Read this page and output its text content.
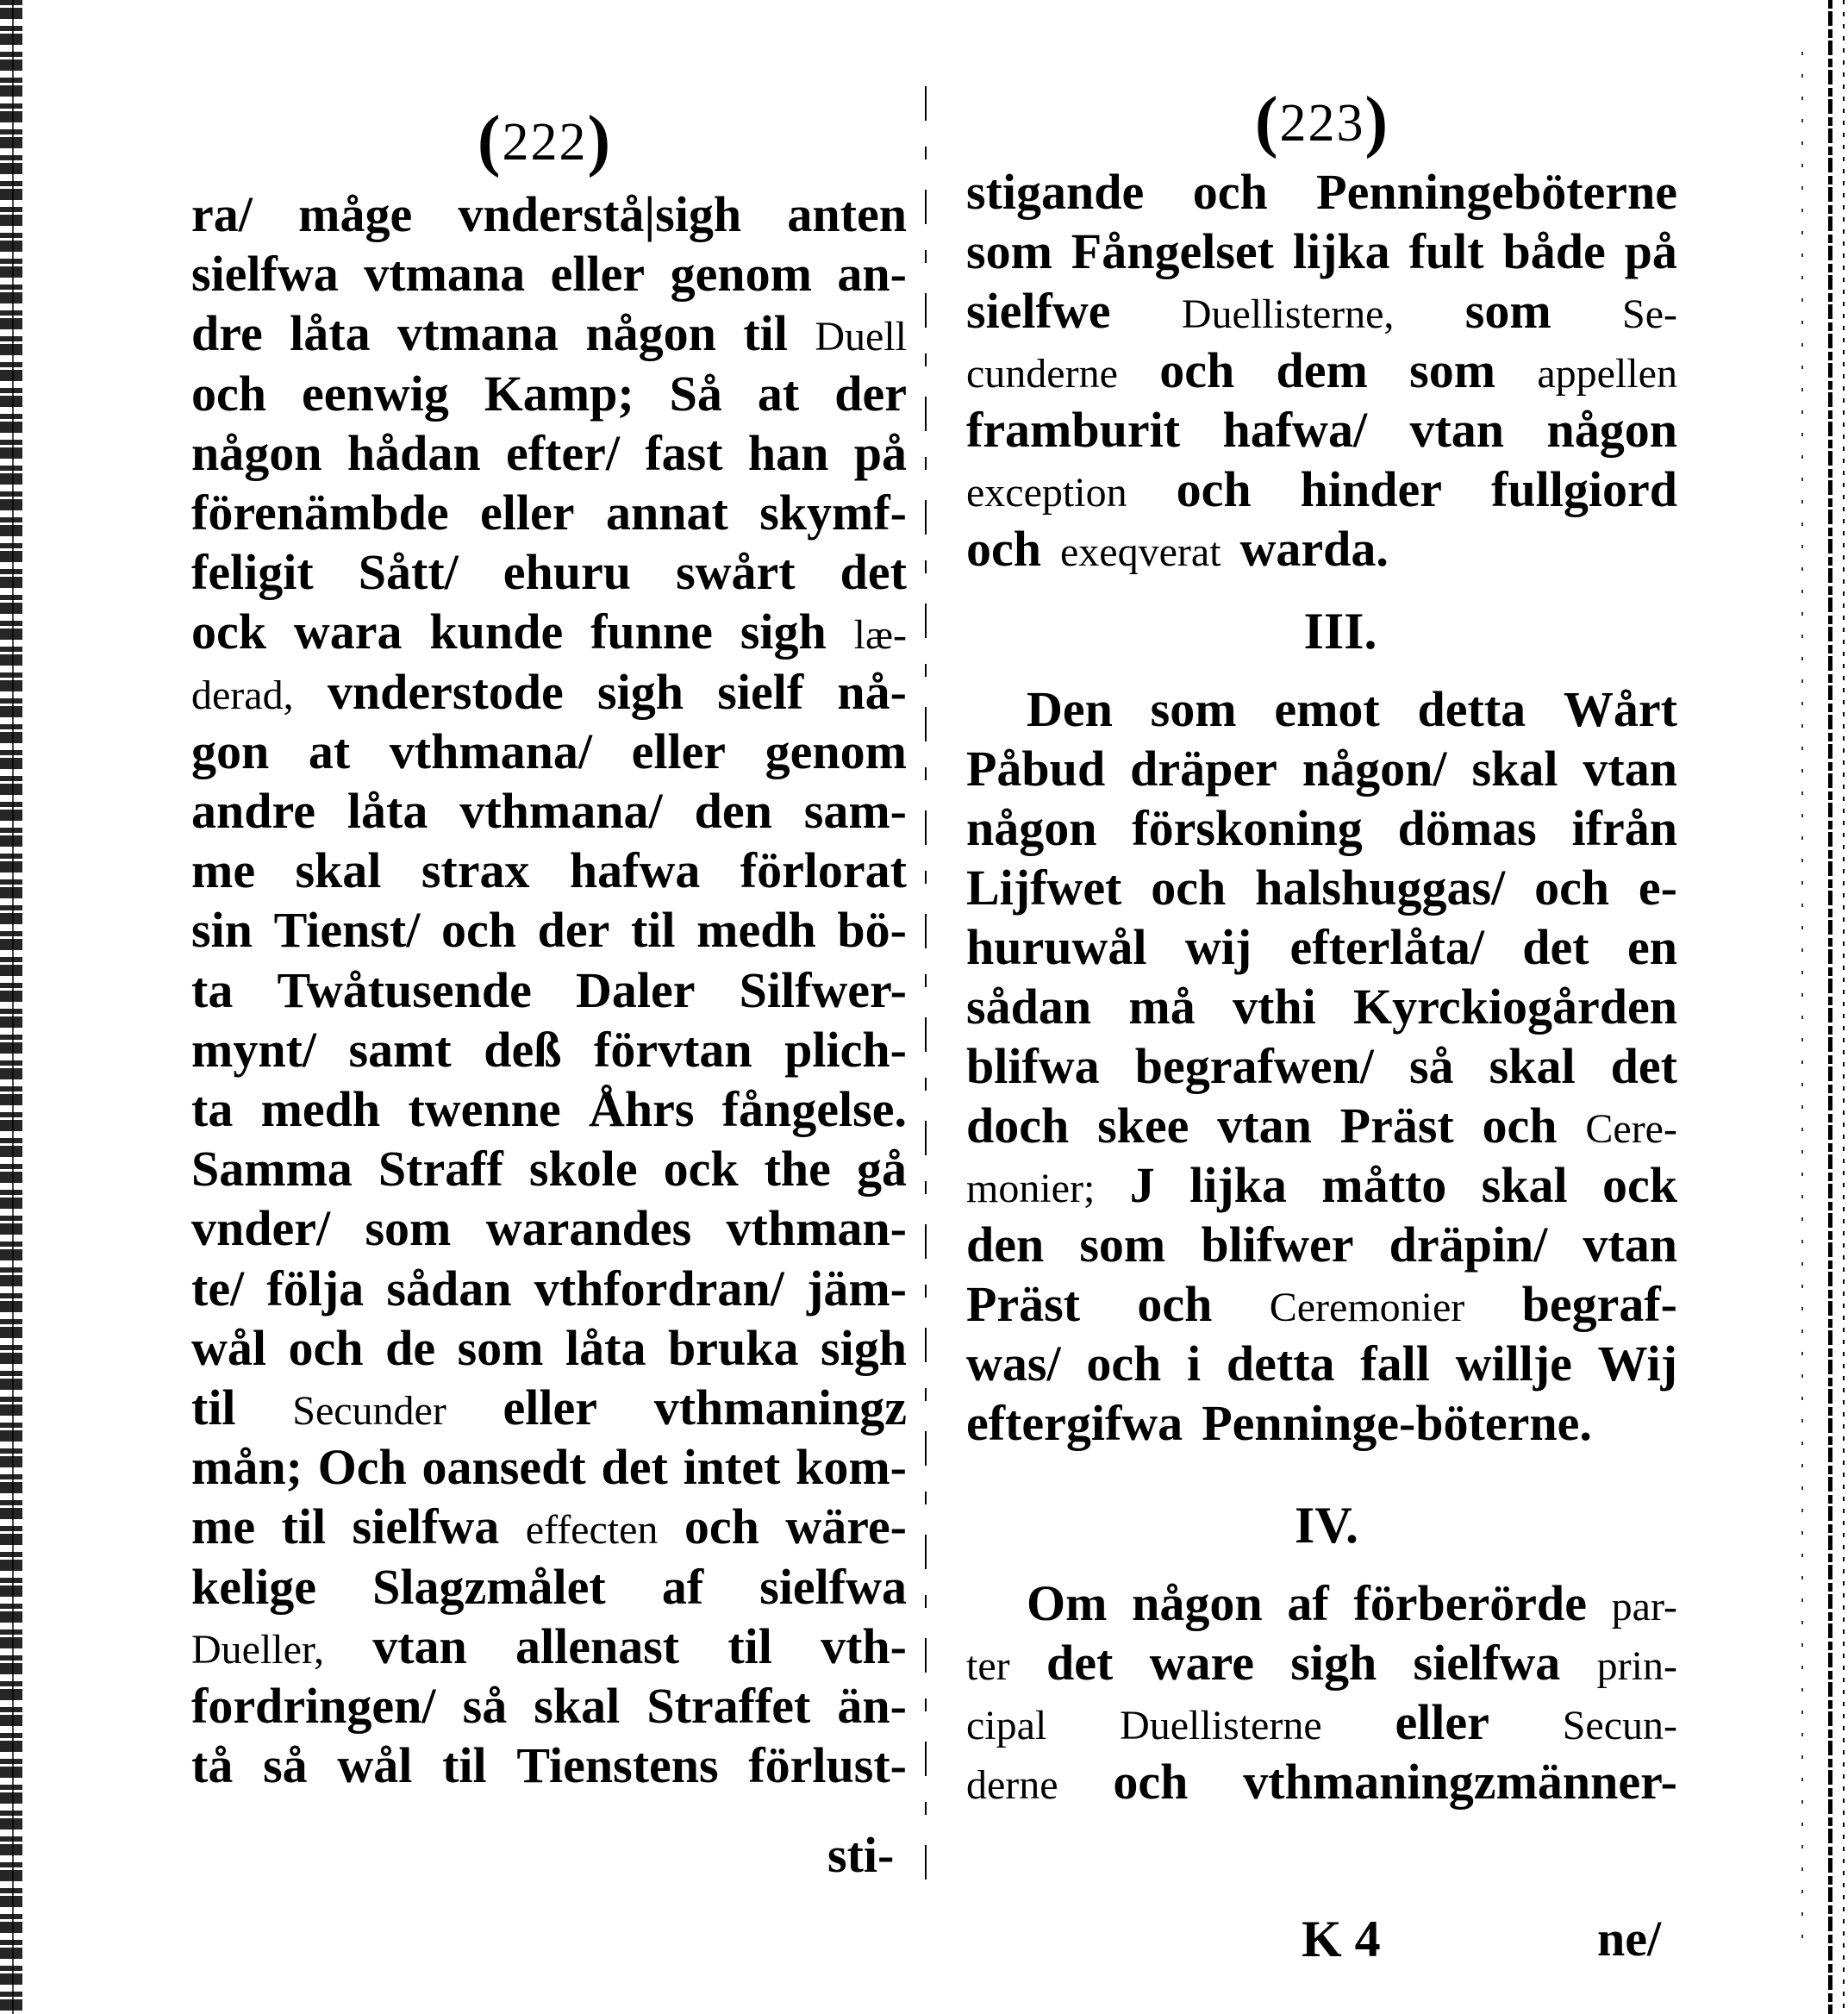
(222)
ra/ måge vnderstå|sigh anten
sielfwa vtmana eller genom an-
dre låta vtmana någon til Duell
och eenwig Kamp; Så at der
någon hådan efter/ fast han på
förenämbde eller annat skymf-
feligit Sått/ ehuru swårt det
ock wara kunde funne sigh læ-
derad, vnderstode sigh sielf nå-
gon at vthmana/ eller genom
andre låta vthmana/ den sam-
me skal strax hafwa förlorat
sin Tienst/ och der til medh bö-
ta Twåtusende Daler Silfwer-
mynt/ samt deß förvtan plich-
ta medh twenne Åhrs fångelse.
Samma Straff skole ock the gå
vnder/ som warandes vthman-
te/ följa sådan vthfordran/ jäm-
wål och de som låta bruka sigh
til Secunder eller vthmaningz
mån; Och oansedt det intet kom-
me til sielfwa effecten och wäre-
kelige Slagzmålet af sielfwa
Dueller, vtan allenast til vth-
fordringen/ så skal Straffet än-
tå så wål til Tienstens förlust-
sti-
(223)
stigande och Penningeböterne
som Fångelset lijka fult både på
sielfwe Duellisterne, som Se-
cunderne och dem som appellen
framburit hafwa/ vtan någon
exception och hinder fullgiord
och exeqverat warda.
Den som emot detta Wårt
Påbud dräper någon/ skal vtan
någon förskoning dömas ifrån
Lijfwet och halshuggas/ och e-
huruwål wij efterlåta/ det en
sådan må vthi Kyrckiogården
blifwa begrafwen/ så skal det
doch skee vtan Präst och Cere-
monier; J lijka måtto skal ock
den som blifwer dräpin/ vtan
Präst och Ceremonier begraf-
was/ och i detta fall willje Wij
eftergifwa Penninge-böterne.
Om någon af förberörde par-
ter det ware sigh sielfwa prin-
cipal Duellisterne eller Secun-
derne och vthmaningzmänner-
III.
IV.
K 4	ne/
